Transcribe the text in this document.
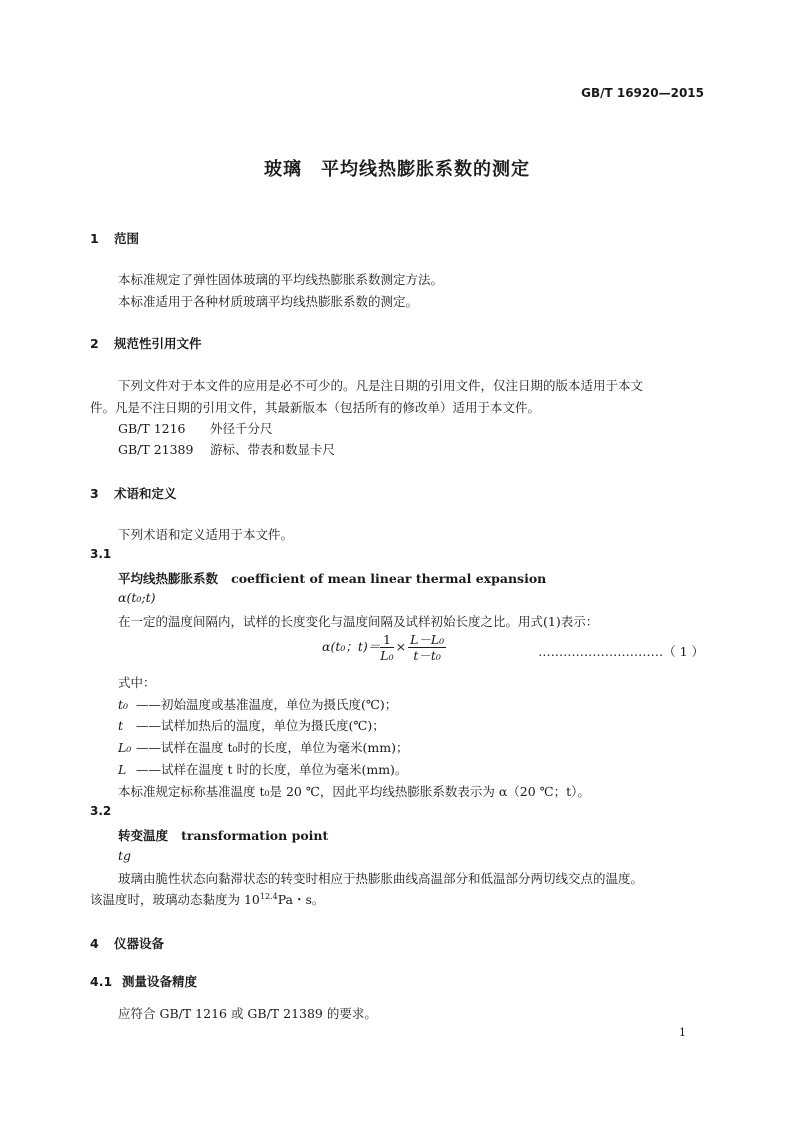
GB/T 16920—2015
玻璃　平均线热膨胀系数的测定
1 范围
本标准规定了弹性固体玻璃的平均线热膨胀系数测定方法。
本标准适用于各种材质玻璃平均线热膨胀系数的测定。
2 规范性引用文件
下列文件对于本文件的应用是必不可少的。凡是注日期的引用文件，仅注日期的版本适用于本文
件。凡是不注日期的引用文件，其最新版本（包括所有的修改单）适用于本文件。
GB/T 1216 外径千分尺
GB/T 21389 游标、带表和数显卡尺
3 术语和定义
下列术语和定义适用于本文件。
3.1
平均线热膨胀系数 coefficient of mean linear thermal expansion
α(t₀;t)
在一定的温度间隔内，试样的长度变化与温度间隔及试样初始长度之比。用式(1)表示：
α(t₀；$t)= \frac{1}{\text{L₀}} \times \frac{\text{L－L₀}}{\text{t－t₀}}$	…………………………（ 1 ）
式中：
t₀ ——初始温度或基准温度，单位为摄氏度(℃)；
t ——试样加热后的温度，单位为摄氏度(℃)；
L₀ ——试样在温度 t₀时的长度，单位为毫米(mm)；
L ——试样在温度 t 时的长度，单位为毫米(mm)。
本标准规定标称基准温度 t₀是 20 ℃，因此平均线热膨胀系数表示为 α（20 ℃；t）。
3.2
转变温度 transformation point
tg
玻璃由脆性状态向黏滞状态的转变时相应于热膨胀曲线高温部分和低温部分两切线交点的温度。
该温度时，玻璃动态黏度为 $10^{12.4}Pa$・s。
4 仪器设备
4.1 测量设备精度
应符合 GB/T 1216 或 GB/T 21389 的要求。
1
